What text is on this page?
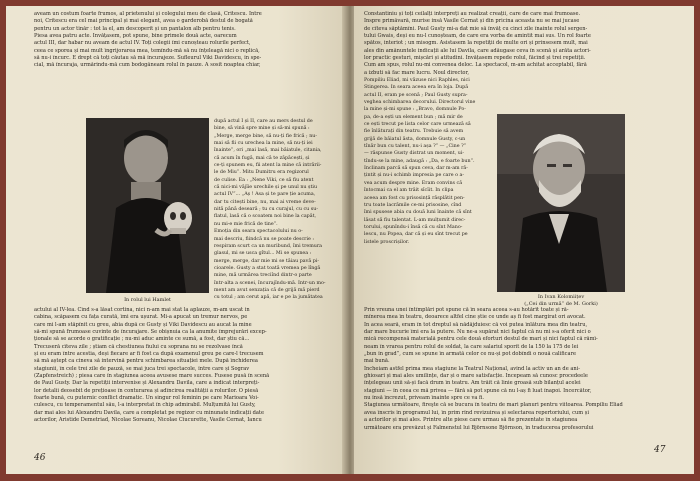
aveam un costum foarte frumos, al prietenului și colegului meu de clasă, Critescu. Intre
noi, Critescu era cel mai principal și mai elegant, avea o garderobă destul de bogată
pentru un actor tînăr : tot la el, am descoperit și un pantalon alb pentru tenis.
Piesa avea patru acte. Invățasem, pot spune, bine primele două acte, oarecum
actul III, dar habar nu aveam de actul IV. Toți colegii îmi cunoșteau rolurile perfect,
ceea ce sporea și mai mult îngrijorarea mea, temîndu-mă să nu înțeleagă nici o replică,
să nu-i încurc. E drept că toți căutau să mă încurajeze. Sufleurul Viki Davidescu, în spe-
cial, mă încuraja, urmărindu-mă cum bodogăneam rolul în pauze. A sosit noaptea chiar,
In rolul lui Hamlet
după actul I și II, care au mers destul de
bine, să vină spre mine și să-mi spună :
„Merge, merge bine, să nu-ți fie frică ; nu-
mai să fii cu urechea la mine, să nu-ți iei
înainte”, ori „mai lasă, mai băiatule, citania,
că acum în fugă, mai că te zăpăcești, și
ce-ți spunem eu, fii atent la mine că intrării-
le de Miu”. Mitu Dumitru era regizorul
de culise. Ea : „Nene Viki, ce să fiu atent
că nici-mi văjîie urechile și pe unul nu știu
actul IV”... „Aș ! Asa și te pare ție acuma,
dar tu citești bine, nu, mai ai vreme deve-
nită până deseară ; tu cu curajul, cu cu su-
flatul, lasă că o scoatem noi bine la capăt,
nu mi-e mie frică de tine”.
Emoția din seara spectacolului nu o-
mai descriu, fiindcă nu se poate descrie :
respiram scurt ca un muribund, îmi tremura
glasul, mi se usca gîtul... Mi se spunea :
merge, merge, dar mie mi se tăiau pavă pi-
cioarele. Gusty a stat toată vremea pe lîngă
mine, mă urmărea treciînd dintr-o parte
într-alta a scenei, încurajîndu-mă. Intr-un mo-
ment am avut senzația că de grijă mă pierd
cu totul ; am cerut apă, iar e pe la jumătatea
actului al IV-lea. Cînd s-a lăsat cortina, nici n-am mai stat la aplauze, m-am uscat in
cabina, scăpasem cu fața curată, îmi era ușurat. Mi-a apucat un tremur nervos, pe
care mi l-am stăpînit cu greu, abia după ce Gusty și Viki Davidescu au aucat la mine
să-mi spună frumoase cuvinte de încurajare. Se obișnuia ca la anumite împrejurări excep-
ționale să se acorde o gratificație ; nu-mi aduc aminte ce sumă, a fost, dar știu că...
Trecuseră cîteva zile ; știam că chestiunea fiului cu soprana nu se rezolvase încă
și eu eram între acestia, deși fiecare ar fi fost ca după examenul greu pe care-l trecusem
să mă aștept ca cineva să intervină pentru schimbarea situației mele. După închiderea
stagiunii, în cele trei zile de pauză, se mai juca trei spectacole, între care și Sograv
(Zapfenstreich) ; piesa care în stagiunea aceea avusese mare succes. Fusese pusă în scenă
de Paul Gusty. Dar la repetiții intervenise și Alexandru Davila, care a indicat interpreți-
lor detalii deosebit de prețioase în conturarea și adîncirea realității a rolurilor. O piesă
foarte bună, cu puternic conflict dramatic. Un singur rol feminin pe care Marioara Voi-
culescu, cu temperamentul său, l-a interpretat în chip admirabil. Mulțumită lui Gusty,
dar mai ales lui Alexandru Davila, care a completat pe regizor cu minunate indicații date
actorilor, Aristide Demetriad, Nicolae Soreanu, Nicolae Ciucurette, Vasile Cernat, Iancu
46
Constantiniu și toți ceilalți interpreți au realizat creații, care de care mai frumoase.
Inspre primăvară, murise insă Vasile Cernat și din pricina aceasta nu se mai jucase
de cîteva săptămîni. Paul Gusty mi-a dat mie să învăț cu cinci zile înainte rolul sergen-
tului Gwais, deși eu nu-l cunoșteam, de care era vorba de amintit mai sus. Un rol foarte
spătos, interiot ; un misogm. Asistasem la repetiții de multe ori și prinsesem mult, mai
ales din amănuntele indicații ale lui Davila, care adăugase ceva în scenă și arăta actori-
lor practic gesturi, mișcări și atitudini. Invățasem repede rolul, făcînd și trei repetiții.
Cum am spus, rolul nu-mi convenea deloc. La spectacol, m-am achitat acceptabil, fără
a izbuti să fac mare lucru. Noul director,
Pompiliu Eliad, mi văzuse nici Raphles, nici
Stingerea. In seara aceea era în loja. După
actul II, eram pe scenă ; Paul Gusty supra-
veghea schimbarea decorului. Directorul vine
la mine și-mi spune : „Bravo, domnule Po-
pa, de-a ești un element bun ; mă mir de
ce ești trecut pe lista celor care urmează să
fie înlăturați din teatru. Trebuie să avem
grijă de băiatul ăsta, domnule Gusty, c-un
tînăr bun cu talent, nu-i așa ?” — „Cine ?”
— răspunse Gusty distrat un moment, ui-
tîndu-se la mine, adaugă : „Da, e foarte bun”.
Inclinam parcă să spun ceva, dar m-am ră-
țintit și nu-i schimb impresia pe care o a-
vea acum despre mine. Eram convins că
întocmai ca el am trăit sîcîit. In clipa
aceea am fost cu prisosință răsplătit pen-
tru toate lacrămile ce-mi prisosine, cînd
îmi spusese abia cu două luni înainte că sînt
lăsat să fiu talentat. L-am mulțumit direc-
torului, spunîndu-i însă că cu sînt Mano-
lescu, nu Popea, dar că și eu sînt trecut pe
listele proscrișilor.
In Ivan Kolomiițev
(„Cei din urmă” de M. Gorki)
Prin vreuna unei întîmplări pot spune că în seara aceea s-au hotărît toate și ră-
mînerea mea în teatru, deoarece altfel cine știe ce unde aș fi fost margirat ori avocat.
In acea seară, eram în tot dreptul să nădăjduiesc că voi putea înlătura mea din teatru,
dar mare bucurie îmi era la putere. Nu ne-a supărat nici faptul că nu mi s-a oferit nici o
mică recompensă materială pentru cele două eforturi destul de mari și nici faptul că rămî-
neam în vrarea pentru rolul de soldat, la care salariul sporit de la 150 la 175 de lei
„bun în grad”, cum se spune în armată celor ce nu-și pot dobîndi o nouă calificare
mai bună.
Incheiam astfel prima mea stagiune la Teatrul Național, avînd la activ un an de ani-
ghiosari și mai ales umilințe, dar și o mare satisfacție. Incepeam să cunosc procedeele
înțelegeau unii să-și facă drum în teatru. Am trăit că linie groasă sub bilanțul acelei
stagiuni — în ceea ce mă privea — fără să pot spune că nu l-aș fi luat înapoi. Incercător,
nu însă încrezut, priveam înainte spre ce va fi.
Stagiunea următoare, fireşte că se bucura în teatru de mari planuri pentru viitoarea. Pompiliu Eliad
avea înscris în programul lui, în prim rînd revizuirea și selectarea repertoriului, cum și
a actorilor și mai ales. Printre alte piese care urmau să fie prezentate în stagiunea
următoare era prevăzut și Falmenstul lui Björnsone Björnson, în traducerea profesorului
47
